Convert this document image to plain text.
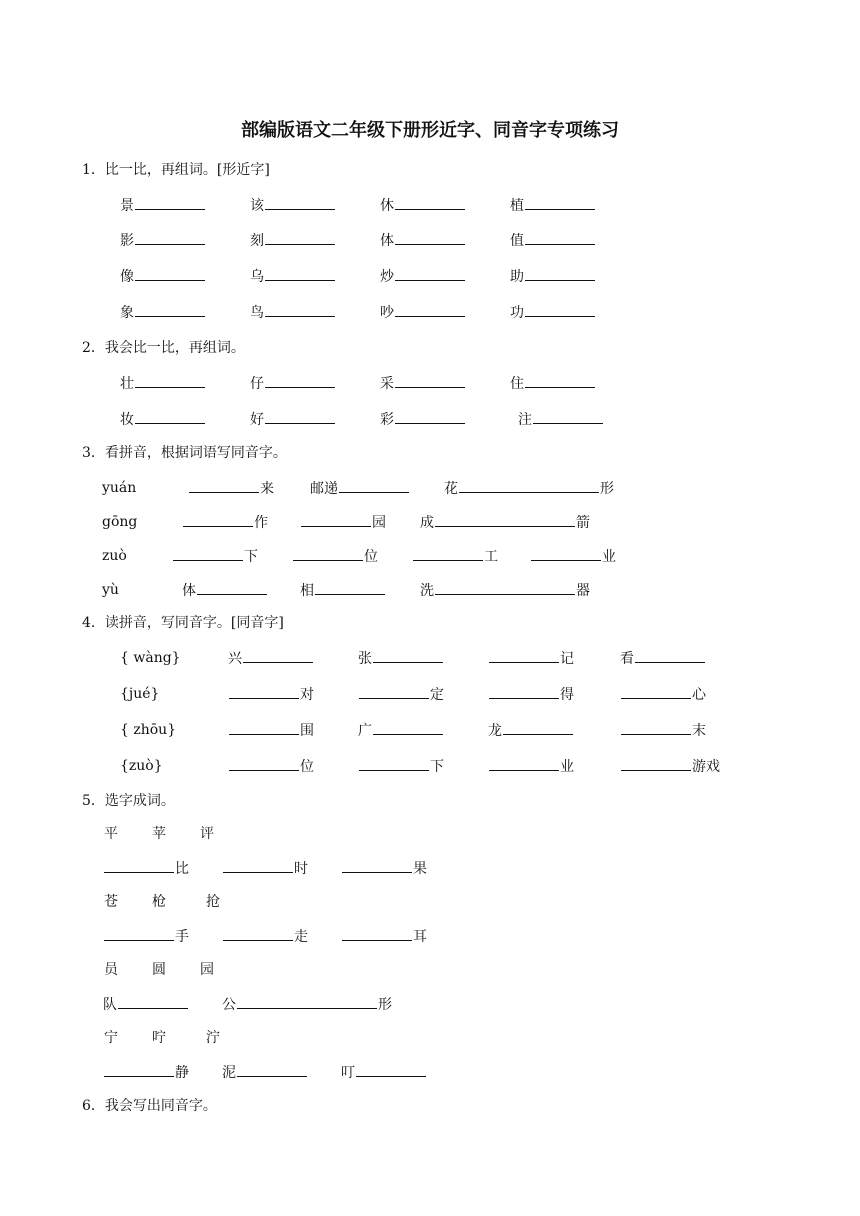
部编版语文二年级下册形近字、同音字专项练习
1．比一比，再组词。[形近字]
景	该	休	植
影	刻	体	值
像	乌	炒	助
象	鸟	吵	功
2．我会比一比，再组词。
壮	仔	采	住
妆	好	彩	注
3．看拼音，根据词语写同音字。
yuán	来	邮递	花	形
gōng	作	园 成	箭
zuò	下	位	工	业
yù	体	相	洗	器
4．读拼音，写同音字。[同音字]
{ wàng}	兴	张	记	看
{jué}	对	定	得	心
{ zhōu}	围	广	龙	末
{zuò}	位	下	业	游戏
5．选字成词。
平 苹 评
比	时	果
苍 枪	抢
手	走	耳
员 圆 园
队	公	形
宁 咛	泞
静 泥	叮
6．我会写出同音字。
